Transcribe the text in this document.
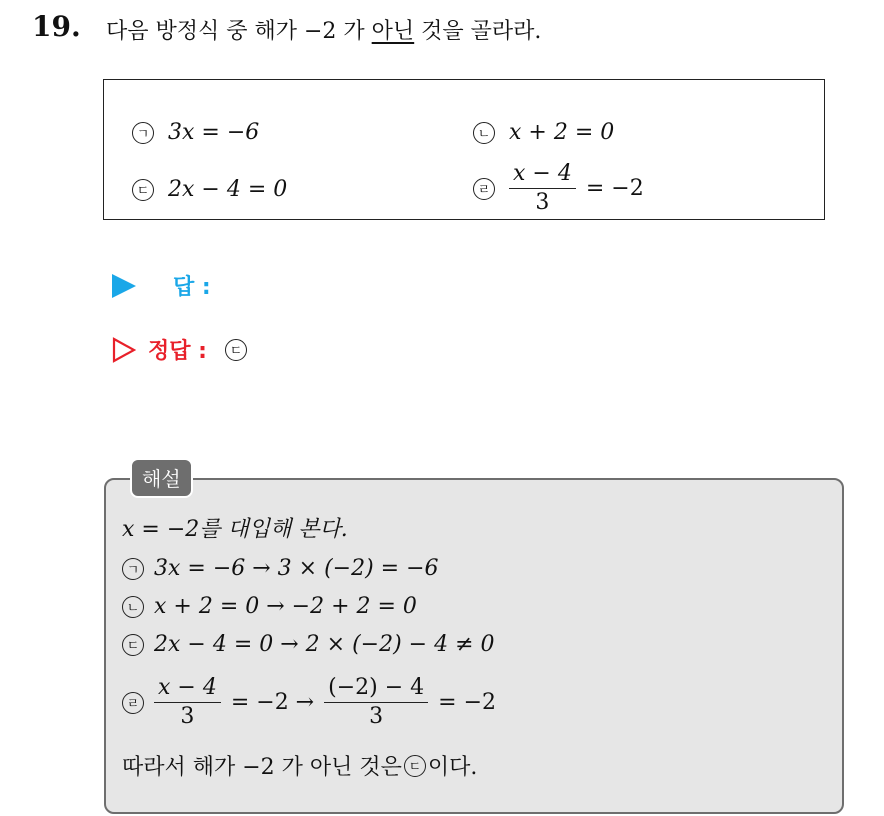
19. 다음 방정식 중 해가 −2 가 아닌 것을 골라라.
ㄱ 3x = −6	ㄴ x + 2 = 0
ㄷ 2x − 4 = 0	ㄹ $\frac{x - 4}{3} = -2$
답 :
정답 :	ㄷ
해설
x = −2를 대입해 본다.
ㄱ 3x = −6 → 3 × (−2) = −6
ㄴ x + 2 = 0 → −2 + 2 = 0
ㄷ 2x − 4 = 0 → 2 × (−2) − 4 ≠ 0
ㄹ $\frac{x - 4}{3} = -2 \to \frac{(-2) - 4}{3} = -2$
따라서 해가 −2 가 아닌 것은 ㄷ 이다.
